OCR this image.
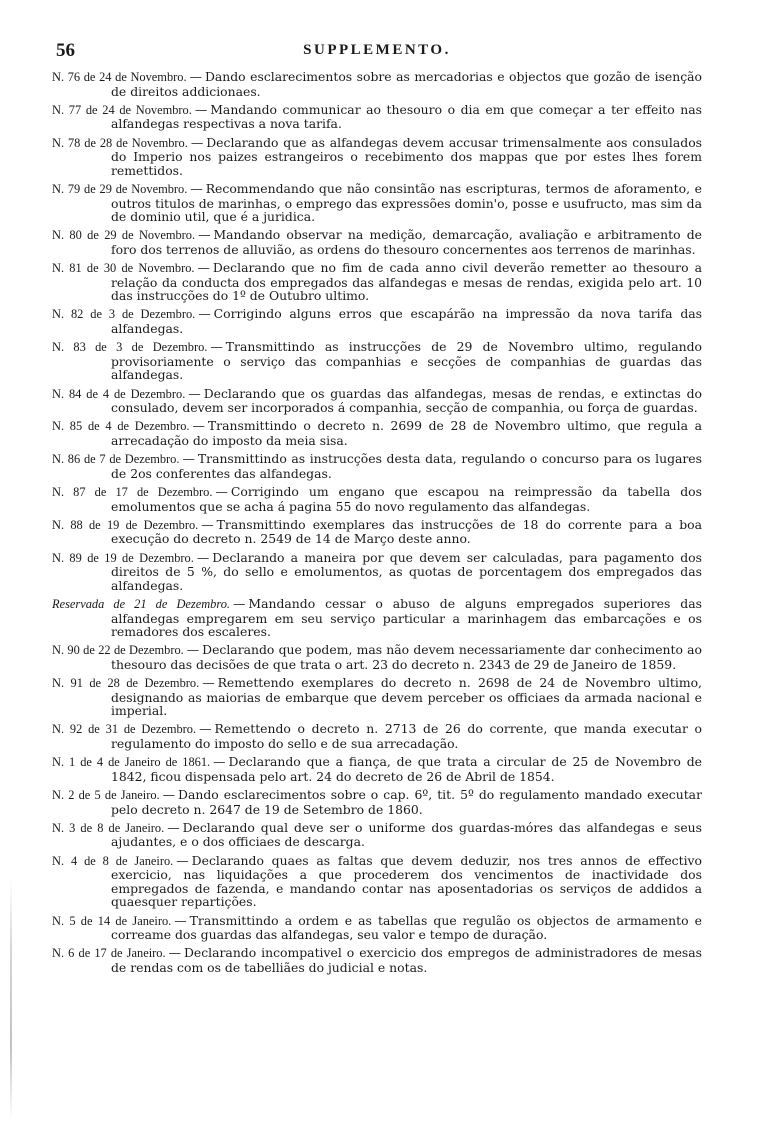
56	SUPPLEMENTO.

N. 76 de 24 de Novembro. — Dando esclarecimentos sobre as mercadorias e objectos que gozão de isenção de direitos addicionaes.

N. 77 de 24 de Novembro. — Mandando communicar ao thesouro o dia em que começar a ter effeito nas alfandegas respectivas a nova tarifa.

N. 78 de 28 de Novembro. — Declarando que as alfandegas devem accusar trimensalmente aos consulados do Imperio nos paizes estrangeiros o recebimento dos mappas que por estes lhes forem remettidos.

N. 79 de 29 de Novembro. — Recommendando que não consintão nas escripturas, termos de aforamento, e outros titulos de marinhas, o emprego das expressões domin'o, posse e usufructo, mas sim da de dominio util, que é a juridica.

N. 80 de 29 de Novembro. — Mandando observar na medição, demarcação, avaliação e arbitramento de foro dos terrenos de alluvião, as ordens do thesouro concernentes aos terrenos de marinhas.

N. 81 de 30 de Novembro. — Declarando que no fim de cada anno civil deverão remetter ao thesouro a relação da conducta dos empregados das alfandegas e mesas de rendas, exigida pelo art. 10 das instrucções do 1º de Outubro ultimo.

N. 82 de 3 de Dezembro. — Corrigindo alguns erros que escapárão na impressão da nova tarifa das alfandegas.

N. 83 de 3 de Dezembro. — Transmittindo as instrucções de 29 de Novembro ultimo, regulando provisoriamente o serviço das companhias e secções de companhias de guardas das alfandegas.

N. 84 de 4 de Dezembro. — Declarando que os guardas das alfandegas, mesas de rendas, e extinctas do consulado, devem ser incorporados á companhia, secção de companhia, ou força de guardas.

N. 85 de 4 de Dezembro. — Transmittindo o decreto n. 2699 de 28 de Novembro ultimo, que regula a arrecadação do imposto da meia sisa.

N. 86 de 7 de Dezembro. — Transmittindo as instrucções desta data, regulando o concurso para os lugares de 2os conferentes das alfandegas.

N. 87 de 17 de Dezembro. — Corrigindo um engano que escapou na reimpressão da tabella dos emolumentos que se acha á pagina 55 do novo regulamento das alfandegas.

N. 88 de 19 de Dezembro. — Transmittindo exemplares das instrucções de 18 do corrente para a boa execução do decreto n. 2549 de 14 de Março deste anno.

N. 89 de 19 de Dezembro. — Declarando a maneira por que devem ser calculadas, para pagamento dos direitos de 5 %, do sello e emolumentos, as quotas de porcentagem dos empregados das alfandegas.

Reservada de 21 de Dezembro. — Mandando cessar o abuso de alguns empregados superiores das alfandegas empregarem em seu serviço particular a marinhagem das embarcações e os remadores dos escaleres.

N. 90 de 22 de Dezembro. — Declarando que podem, mas não devem necessariamente dar conhecimento ao thesouro das decisões de que trata o art. 23 do decreto n. 2343 de 29 de Janeiro de 1859.

N. 91 de 28 de Dezembro. — Remettendo exemplares do decreto n. 2698 de 24 de Novembro ultimo, designando as maiorias de embarque que devem perceber os officiaes da armada nacional e imperial.

N. 92 de 31 de Dezembro. — Remettendo o decreto n. 2713 de 26 do corrente, que manda executar o regulamento do imposto do sello e de sua arrecadação.

N. 1 de 4 de Janeiro de 1861. — Declarando que a fiança, de que trata a circular de 25 de Novembro de 1842, ficou dispensada pelo art. 24 do decreto de 26 de Abril de 1854.

N. 2 de 5 de Janeiro. — Dando esclarecimentos sobre o cap. 6º, tit. 5º do regulamento mandado executar pelo decreto n. 2647 de 19 de Setembro de 1860.

N. 3 de 8 de Janeiro. — Declarando qual deve ser o uniforme dos guardas-móres das alfandegas e seus ajudantes, e o dos officiaes de descarga.

N. 4 de 8 de Janeiro. — Declarando quaes as faltas que devem deduzir, nos tres annos de effectivo exercicio, nas liquidações a que procederem dos vencimentos de inactividade dos empregados de fazenda, e mandando contar nas aposentadorias os serviços de addidos a quaesquer repartições.

N. 5 de 14 de Janeiro. — Transmittindo a ordem e as tabellas que regulão os objectos de armamento e correame dos guardas das alfandegas, seu valor e tempo de duração.

N. 6 de 17 de Janeiro. — Declarando incompativel o exercicio dos empregos de administradores de mesas de rendas com os de tabelliães do judicial e notas.
